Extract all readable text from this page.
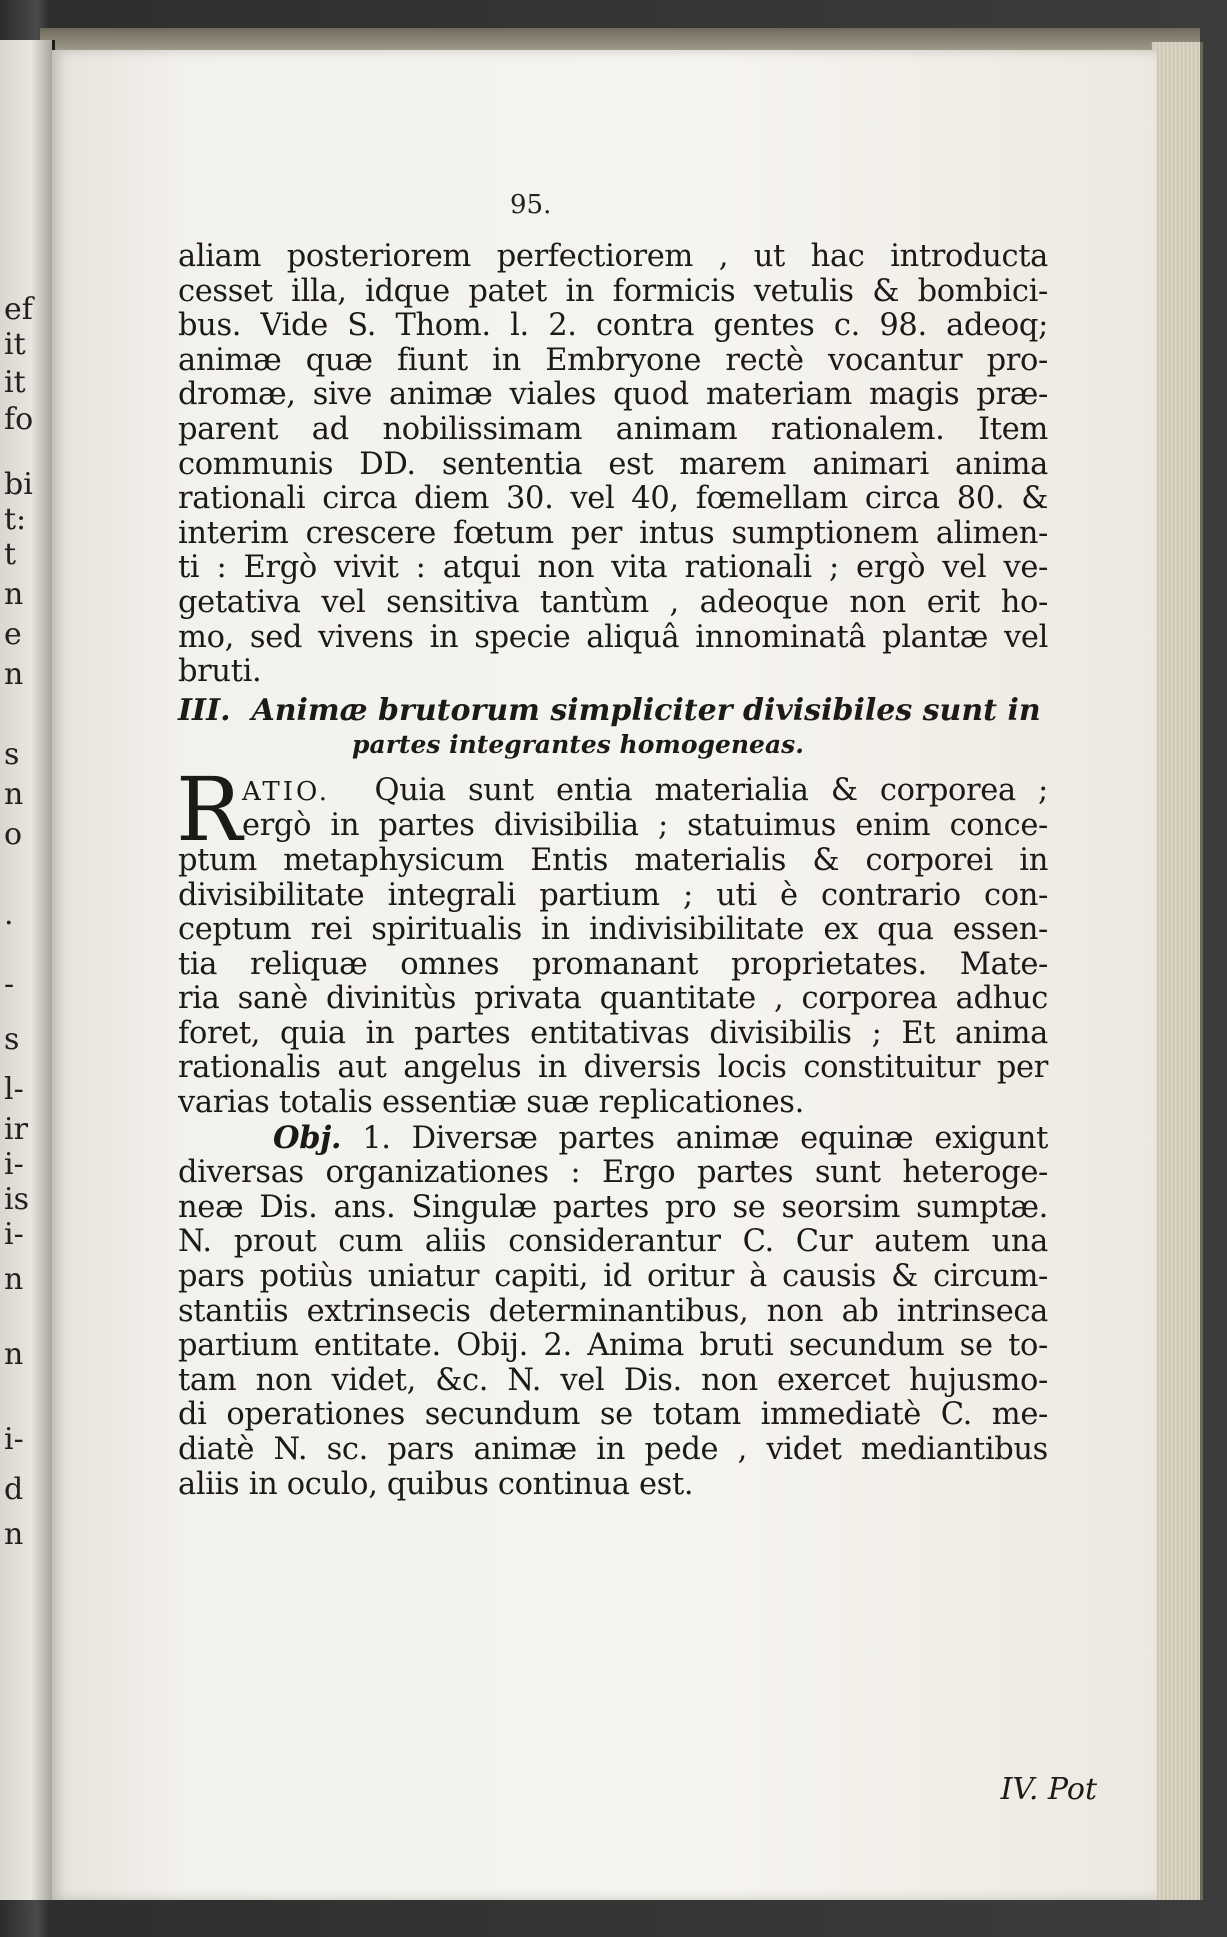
ef
it
it
fo
bi
t:
t
n
e
n
s
n
o
.
-
s
l-
ir
i-
is
i-
n
n
i-
d
n
95.
aliam posteriorem perfectiorem , ut hac introducta
cesset illa, idque patet in formicis vetulis & bombici-
bus. Vide S. Thom. l. 2. contra gentes c. 98. adeoq;
animæ quæ fiunt in Embryone rectè vocantur pro-
dromæ, sive animæ viales quod materiam magis præ-
parent ad nobilissimam animam rationalem. Item
communis DD. sententia est marem animari anima
rationali circa diem 30. vel 40, fœmellam circa 80. &
interim crescere fœtum per intus sumptionem alimen-
ti : Ergò vivit : atqui non vita rationali ; ergò vel ve-
getativa vel sensitiva tantùm , adeoque non erit ho-
mo, sed vivens in specie aliquâ innominatâ plantæ vel
bruti.
III. Animæ brutorum simpliciter divisibiles sunt in
partes integrantes homogeneas.
R ATIO. Quia sunt entia materialia & corporea ;
ergò in partes divisibilia ; statuimus enim conce-
ptum metaphysicum Entis materialis & corporei in
divisibilitate integrali partium ; uti è contrario con-
ceptum rei spiritualis in indivisibilitate ex qua essen-
tia reliquæ omnes promanant proprietates. Mate-
ria sanè divinitùs privata quantitate , corporea adhuc
foret, quia in partes entitativas divisibilis ; Et anima
rationalis aut angelus in diversis locis constituitur per
varias totalis essentiæ suæ replicationes.
Obj. 1. Diversæ partes animæ equinæ exigunt
diversas organizationes : Ergo partes sunt heteroge-
neæ Dis. ans. Singulæ partes pro se seorsim sumptæ.
N. prout cum aliis considerantur C. Cur autem una
pars potiùs uniatur capiti, id oritur à causis & circum-
stantiis extrinsecis determinantibus, non ab intrinseca
partium entitate. Obij. 2. Anima bruti secundum se to-
tam non videt, &c. N. vel Dis. non exercet hujusmo-
di operationes secundum se totam immediatè C. me-
diatè N. sc. pars animæ in pede , videt mediantibus
aliis in oculo, quibus continua est.
IV. Pot
